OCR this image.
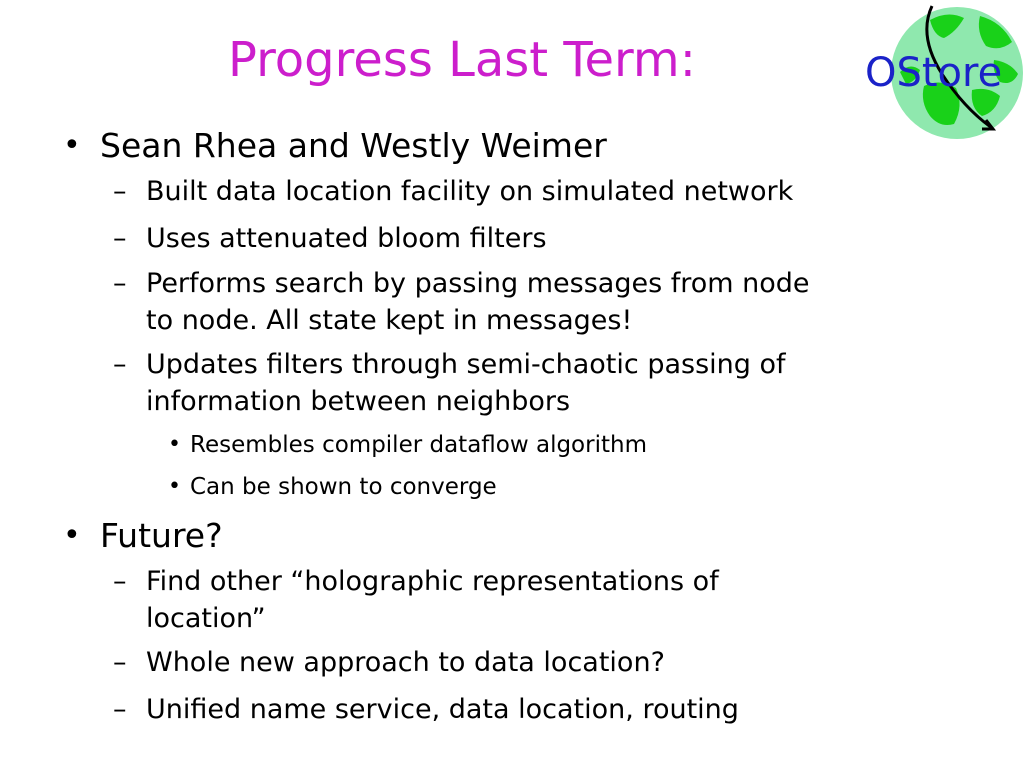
Progress Last Term:	OStore
• Sean Rhea and Westly Weimer
– Built data location facility on simulated network
– Uses attenuated bloom filters
– Performs search by passing messages from node
to node. All state kept in messages!
– Updates filters through semi-chaotic passing of
information between neighbors
• Resembles compiler dataflow algorithm
• Can be shown to converge
• Future?
– Find other “holographic representations of
location”
– Whole new approach to data location?
– Unified name service, data location, routing
